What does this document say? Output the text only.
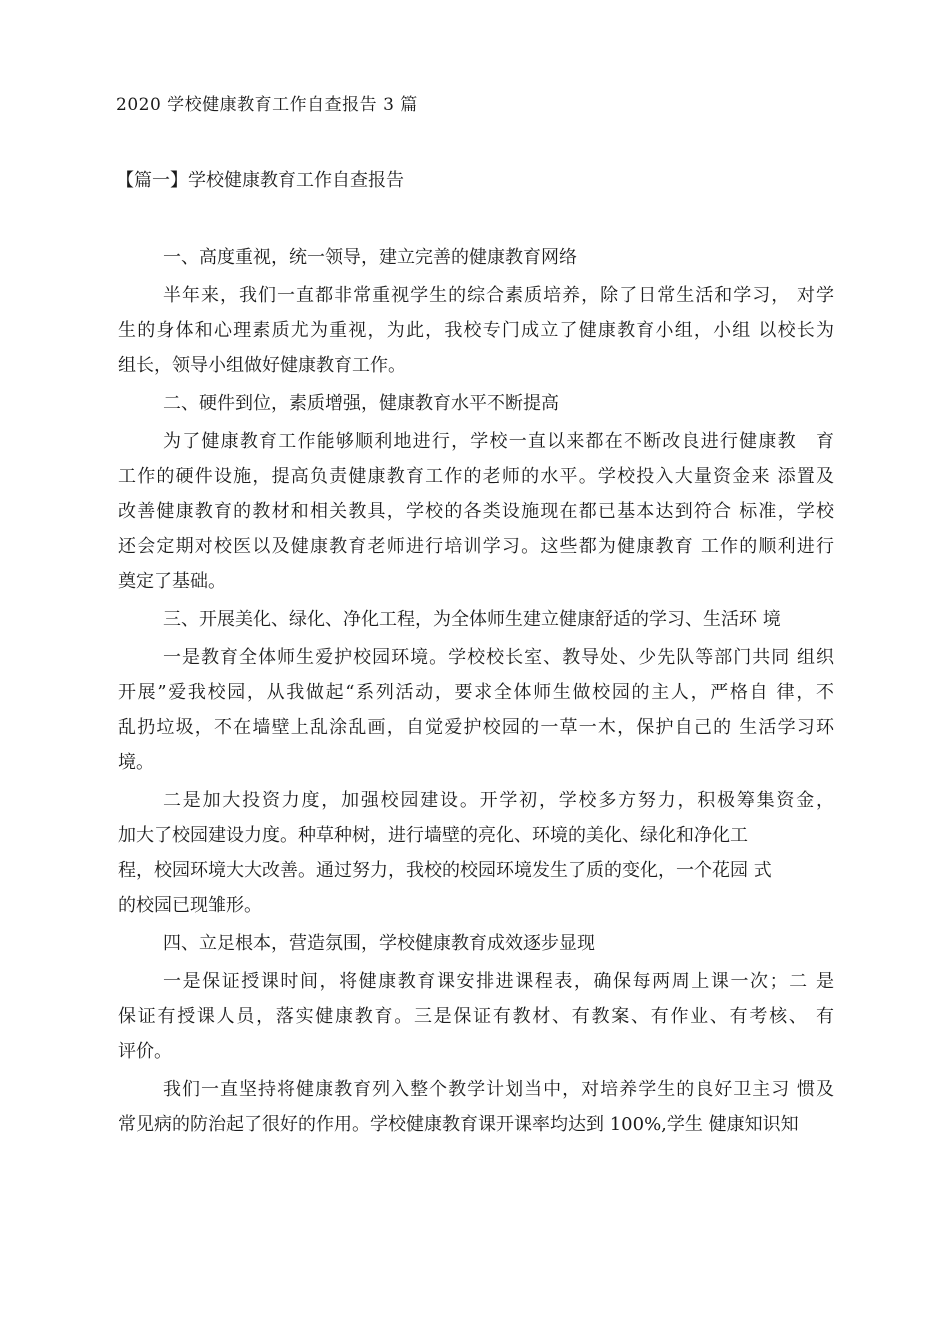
2020 学校健康教育工作自查报告 3 篇
【篇一】学校健康教育工作自查报告
一、高度重视，统一领导，建立完善的健康教育网络
半年来，我们一直都非常重视学生的综合素质培养，除了日常生活和学习， 对学
生的身体和心理素质尤为重视，为此，我校专门成立了健康教育小组，小组 以校长为
组长，领导小组做好健康教育工作。
二、硬件到位，素质增强，健康教育水平不断提高
为了健康教育工作能够顺利地进行，学校一直以来都在不断改良进行健康教　育
工作的硬件设施，提高负责健康教育工作的老师的水平。学校投入大量资金来 添置及
改善健康教育的教材和相关教具，学校的各类设施现在都已基本达到符合 标准，学校
还会定期对校医以及健康教育老师进行培训学习。这些都为健康教育 工作的顺利进行
奠定了基础。
三、开展美化、绿化、净化工程，为全体师生建立健康舒适的学习、生活环 境
一是教育全体师生爱护校园环境。学校校长室、教导处、少先队等部门共同 组织
开展”爱我校园，从我做起“系列活动，要求全体师生做校园的主人，严格自 律，不
乱扔垃圾，不在墙壁上乱涂乱画，自觉爱护校园的一草一木，保护自己的 生活学习环
境。
二是加大投资力度，加强校园建设。开学初，学校多方努力，积极筹集资金，
加大了校园建设力度。种草种树，进行墙壁的亮化、环境的美化、绿化和净化工
程，校园环境大大改善。通过努力，我校的校园环境发生了质的变化，一个花园 式
的校园已现雏形。
四、立足根本，营造氛围，学校健康教育成效逐步显现
一是保证授课时间，将健康教育课安排进课程表，确保每两周上课一次；二 是
保证有授课人员，落实健康教育。三是保证有教材、有教案、有作业、有考核、 有
评价。
我们一直坚持将健康教育列入整个教学计划当中，对培养学生的良好卫主习 惯及
常见病的防治起了很好的作用。学校健康教育课开课率均达到 100%,学生 健康知识知
